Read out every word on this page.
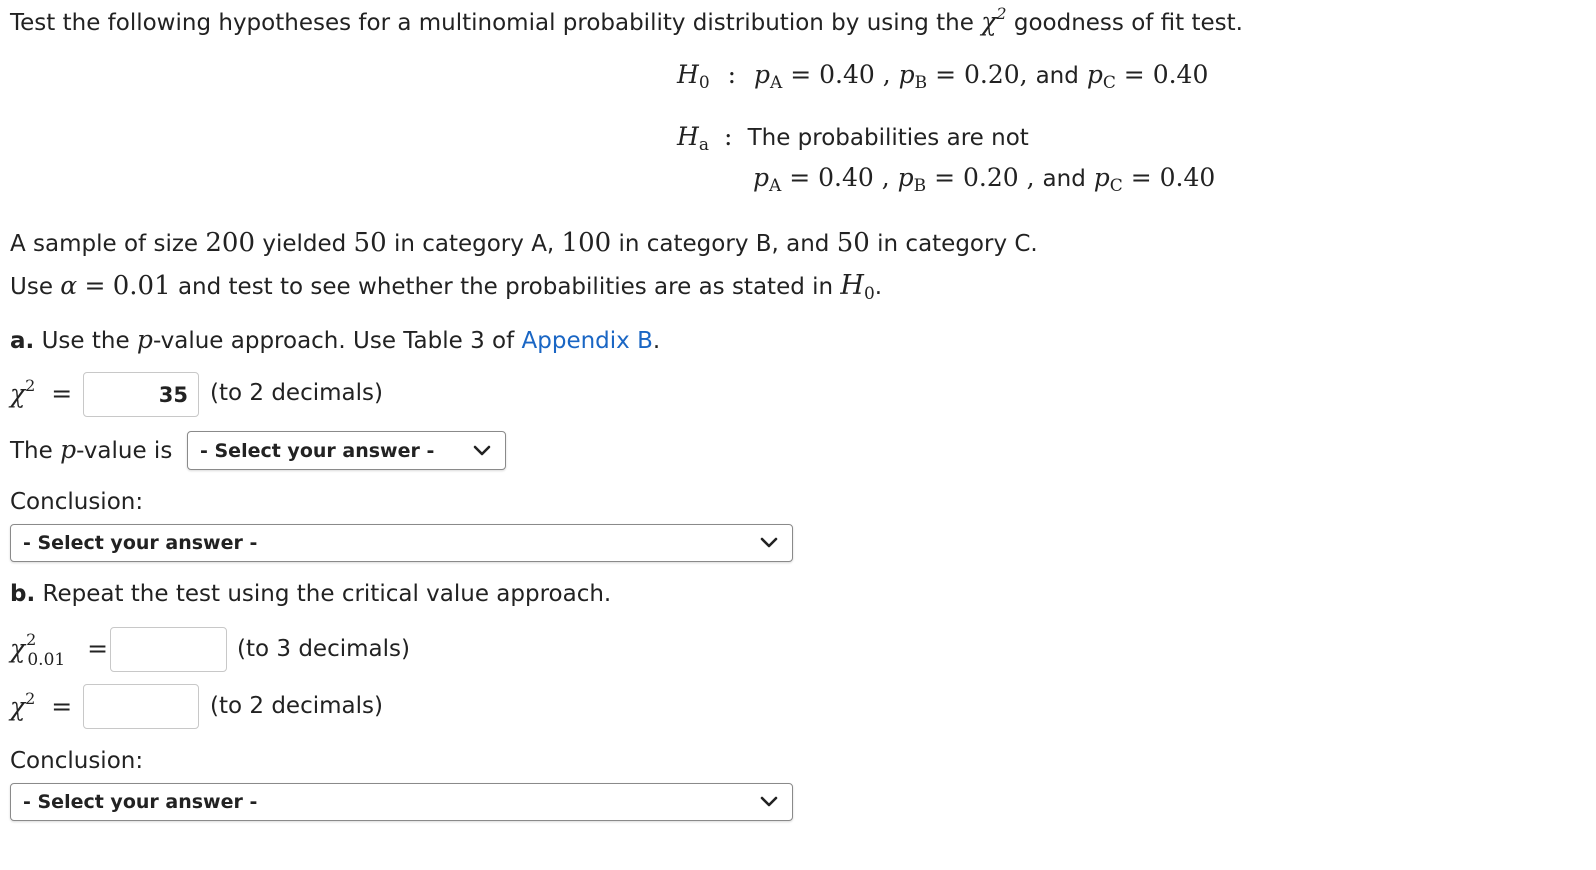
Test the following hypotheses for a multinomial probability distribution by using the $\chi^2$ goodness of fit test.
$H_0$ : $p_A = 0.40$ , $p_B = 0.20$, and $p_C = 0.40$
Ha : The probabilities are not
$p_A = 0.40$ , $p_B = 0.20$ , and $p_C = 0.40$
A sample of size 200 yielded 50 in category A, 100 in category B, and 50 in category C.
Use α = 0.01 and test to see whether the probabilities are as stated in $H_0$.
a. Use the p-value approach. Use Table 3 of Appendix B.
$\chi^2$ =	35 (to 2 decimals)
The p-value is - Select your answer -
Conclusion:
- Select your answer -
b. Repeat the test using the critical value approach.
$\chi^2_{0.01}$ =	(to 3 decimals)
$\chi^2$ =	(to 2 decimals)
Conclusion:
- Select your answer -
